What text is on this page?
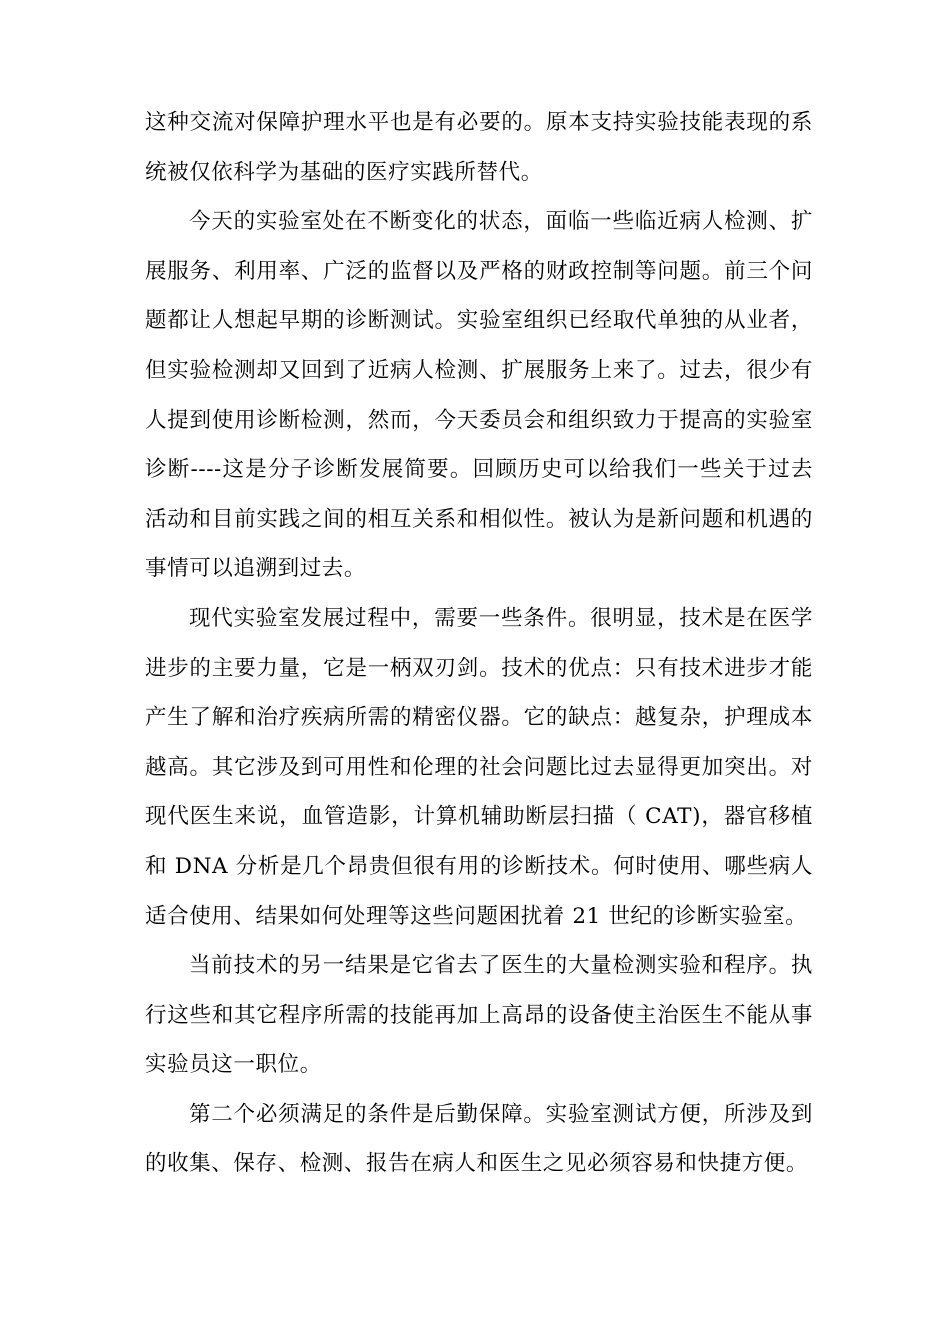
这种交流对保障护理水平也是有必要的。原本支持实验技能表现的系统被仅依科学为基础的医疗实践所替代。

今天的实验室处在不断变化的状态，面临一些临近病人检测、扩展服务、利用率、广泛的监督以及严格的财政控制等问题。前三个问题都让人想起早期的诊断测试。实验室组织已经取代单独的从业者，但实验检测却又回到了近病人检测、扩展服务上来了。过去，很少有人提到使用诊断检测，然而，今天委员会和组织致力于提高的实验室诊断----这是分子诊断发展简要。回顾历史可以给我们一些关于过去活动和目前实践之间的相互关系和相似性。被认为是新问题和机遇的事情可以追溯到过去。

现代实验室发展过程中，需要一些条件。很明显，技术是在医学进步的主要力量，它是一柄双刃剑。技术的优点：只有技术进步才能产生了解和治疗疾病所需的精密仪器。它的缺点：越复杂，护理成本越高。其它涉及到可用性和伦理的社会问题比过去显得更加突出。对现代医生来说，血管造影，计算机辅助断层扫描（ CAT)，器官移植和 DNA 分析是几个昂贵但很有用的诊断技术。何时使用、哪些病人适合使用、结果如何处理等这些问题困扰着 21 世纪的诊断实验室。

当前技术的另一结果是它省去了医生的大量检测实验和程序。执行这些和其它程序所需的技能再加上高昂的设备使主治医生不能从事实验员这一职位。

第二个必须满足的条件是后勤保障。实验室测试方便，所涉及到的收集、保存、检测、报告在病人和医生之见必须容易和快捷方便。
